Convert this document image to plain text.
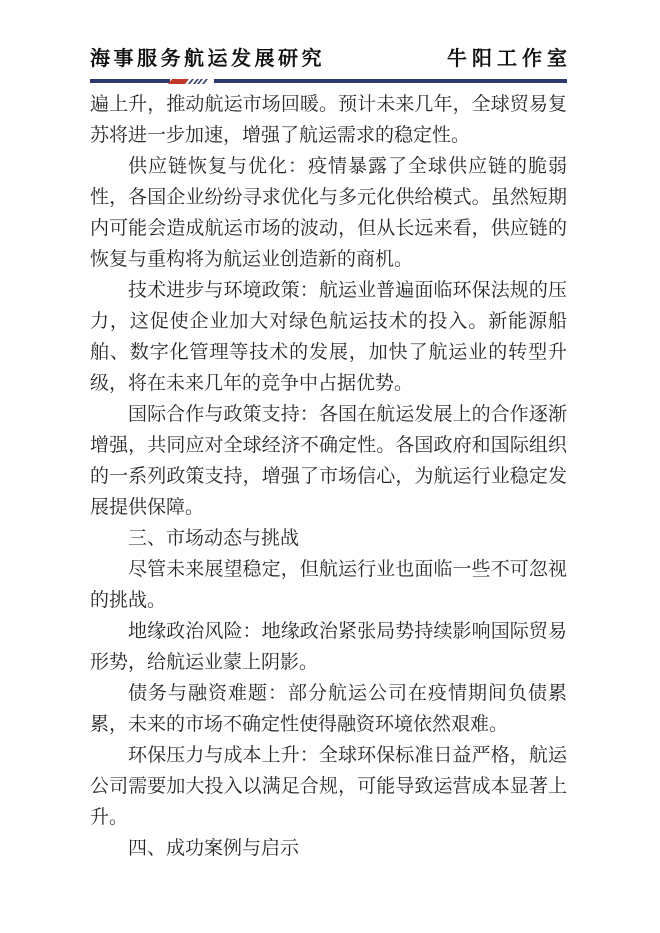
海事服务航运发展研究	牛阳工作室

遍上升，推动航运市场回暖。预计未来几年，全球贸易复苏将进一步加速，增强了航运需求的稳定性。

供应链恢复与优化：疫情暴露了全球供应链的脆弱性，各国企业纷纷寻求优化与多元化供给模式。虽然短期内可能会造成航运市场的波动，但从长远来看，供应链的恢复与重构将为航运业创造新的商机。

技术进步与环境政策：航运业普遍面临环保法规的压力，这促使企业加大对绿色航运技术的投入。新能源船舶、数字化管理等技术的发展，加快了航运业的转型升级，将在未来几年的竞争中占据优势。

国际合作与政策支持：各国在航运发展上的合作逐渐增强，共同应对全球经济不确定性。各国政府和国际组织的一系列政策支持，增强了市场信心，为航运行业稳定发展提供保障。

三、市场动态与挑战

尽管未来展望稳定，但航运行业也面临一些不可忽视的挑战。

地缘政治风险：地缘政治紧张局势持续影响国际贸易形势，给航运业蒙上阴影。

债务与融资难题：部分航运公司在疫情期间负债累累，未来的市场不确定性使得融资环境依然艰难。

环保压力与成本上升：全球环保标准日益严格，航运公司需要加大投入以满足合规，可能导致运营成本显著上升。

四、成功案例与启示
